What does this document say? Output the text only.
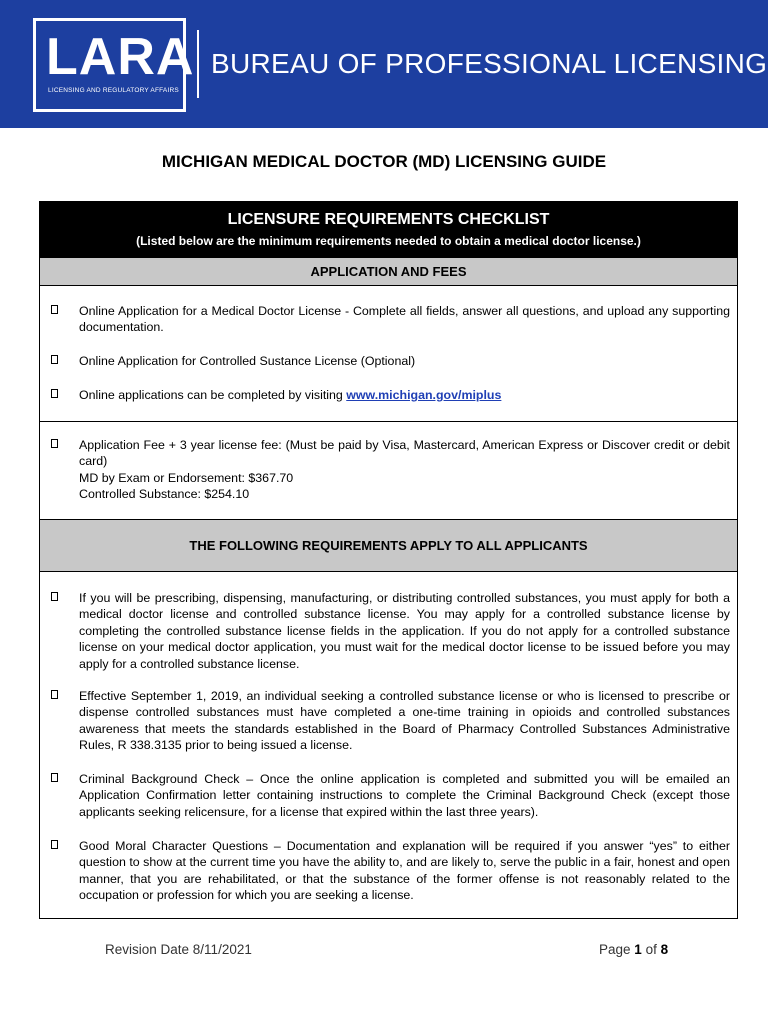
LARA
LICENSING AND REGULATORY AFFAIRS
BUREAU OF PROFESSIONAL LICENSING
MICHIGAN MEDICAL DOCTOR (MD) LICENSING GUIDE
LICENSURE REQUIREMENTS CHECKLIST
(Listed below are the minimum requirements needed to obtain a medical doctor license.)
APPLICATION AND FEES
Online Application for a Medical Doctor License - Complete all fields, answer all questions, and upload any supporting documentation.
Online Application for Controlled Sustance License (Optional)
Online applications can be completed by visiting www.michigan.gov/miplus
Application Fee + 3 year license fee: (Must be paid by Visa, Mastercard, American Express or Discover credit or debit card)
MD by Exam or Endorsement: $367.70
Controlled Substance: $254.10
THE FOLLOWING REQUIREMENTS APPLY TO ALL APPLICANTS
If you will be prescribing, dispensing, manufacturing, or distributing controlled substances, you must apply for both a medical doctor license and controlled substance license. You may apply for a controlled substance license by completing the controlled substance license fields in the application. If you do not apply for a controlled substance license on your medical doctor application, you must wait for the medical doctor license to be issued before you may apply for a controlled substance license.
Effective September 1, 2019, an individual seeking a controlled substance license or who is licensed to prescribe or dispense controlled substances must have completed a one-time training in opioids and controlled substances awareness that meets the standards established in the Board of Pharmacy Controlled Substances Administrative Rules, R 338.3135 prior to being issued a license.
Criminal Background Check – Once the online application is completed and submitted you will be emailed an Application Confirmation letter containing instructions to complete the Criminal Background Check (except those applicants seeking relicensure, for a license that expired within the last three years).
Good Moral Character Questions – Documentation and explanation will be required if you answer “yes” to either question to show at the current time you have the ability to, and are likely to, serve the public in a fair, honest and open manner, that you are rehabilitated, or that the substance of the former offense is not reasonably related to the occupation or profession for which you are seeking a license.
Revision Date 8/11/2021	Page 1 of 8
